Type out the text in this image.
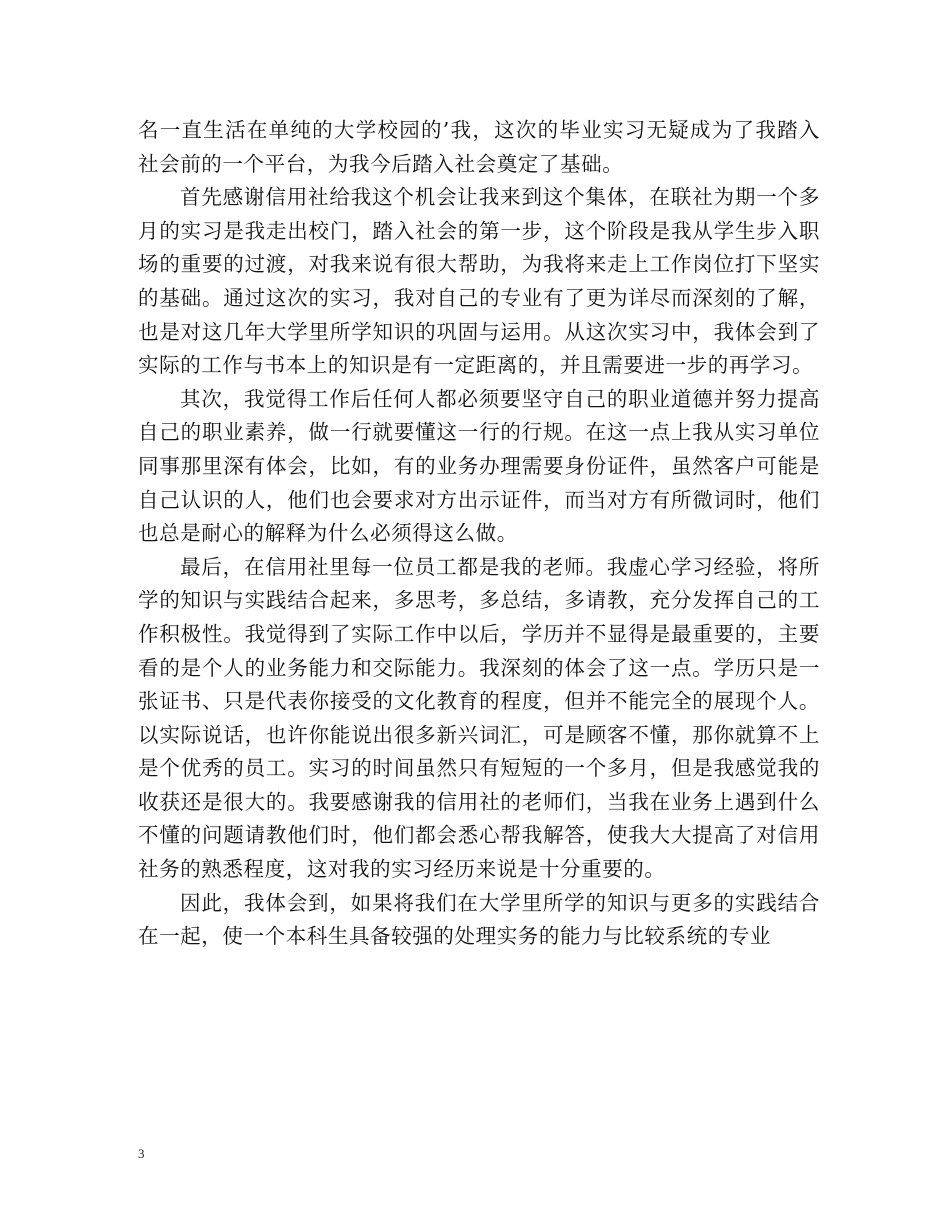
名一直生活在单纯的大学校园的’我，这次的毕业实习无疑成为了我踏入社会前的一个平台，为我今后踏入社会奠定了基础。

首先感谢信用社给我这个机会让我来到这个集体，在联社为期一个多月的实习是我走出校门，踏入社会的第一步，这个阶段是我从学生步入职场的重要的过渡，对我来说有很大帮助，为我将来走上工作岗位打下坚实的基础。通过这次的实习，我对自己的专业有了更为详尽而深刻的了解，也是对这几年大学里所学知识的巩固与运用。从这次实习中，我体会到了实际的工作与书本上的知识是有一定距离的，并且需要进一步的再学习。

其次，我觉得工作后任何人都必须要坚守自己的职业道德并努力提高自己的职业素养，做一行就要懂这一行的行规。在这一点上我从实习单位同事那里深有体会，比如，有的业务办理需要身份证件，虽然客户可能是自己认识的人，他们也会要求对方出示证件，而当对方有所微词时，他们也总是耐心的解释为什么必须得这么做。

最后，在信用社里每一位员工都是我的老师。我虚心学习经验，将所学的知识与实践结合起来，多思考，多总结，多请教，充分发挥自己的工作积极性。我觉得到了实际工作中以后，学历并不显得是最重要的，主要看的是个人的业务能力和交际能力。我深刻的体会了这一点。学历只是一张证书、只是代表你接受的文化教育的程度，但并不能完全的展现个人。以实际说话，也许你能说出很多新兴词汇，可是顾客不懂，那你就算不上是个优秀的员工。实习的时间虽然只有短短的一个多月，但是我感觉我的收获还是很大的。我要感谢我的信用社的老师们，当我在业务上遇到什么不懂的问题请教他们时，他们都会悉心帮我解答，使我大大提高了对信用社务的熟悉程度，这对我的实习经历来说是十分重要的。

因此，我体会到，如果将我们在大学里所学的知识与更多的实践结合在一起，使一个本科生具备较强的处理实务的能力与比较系统的专业

3
